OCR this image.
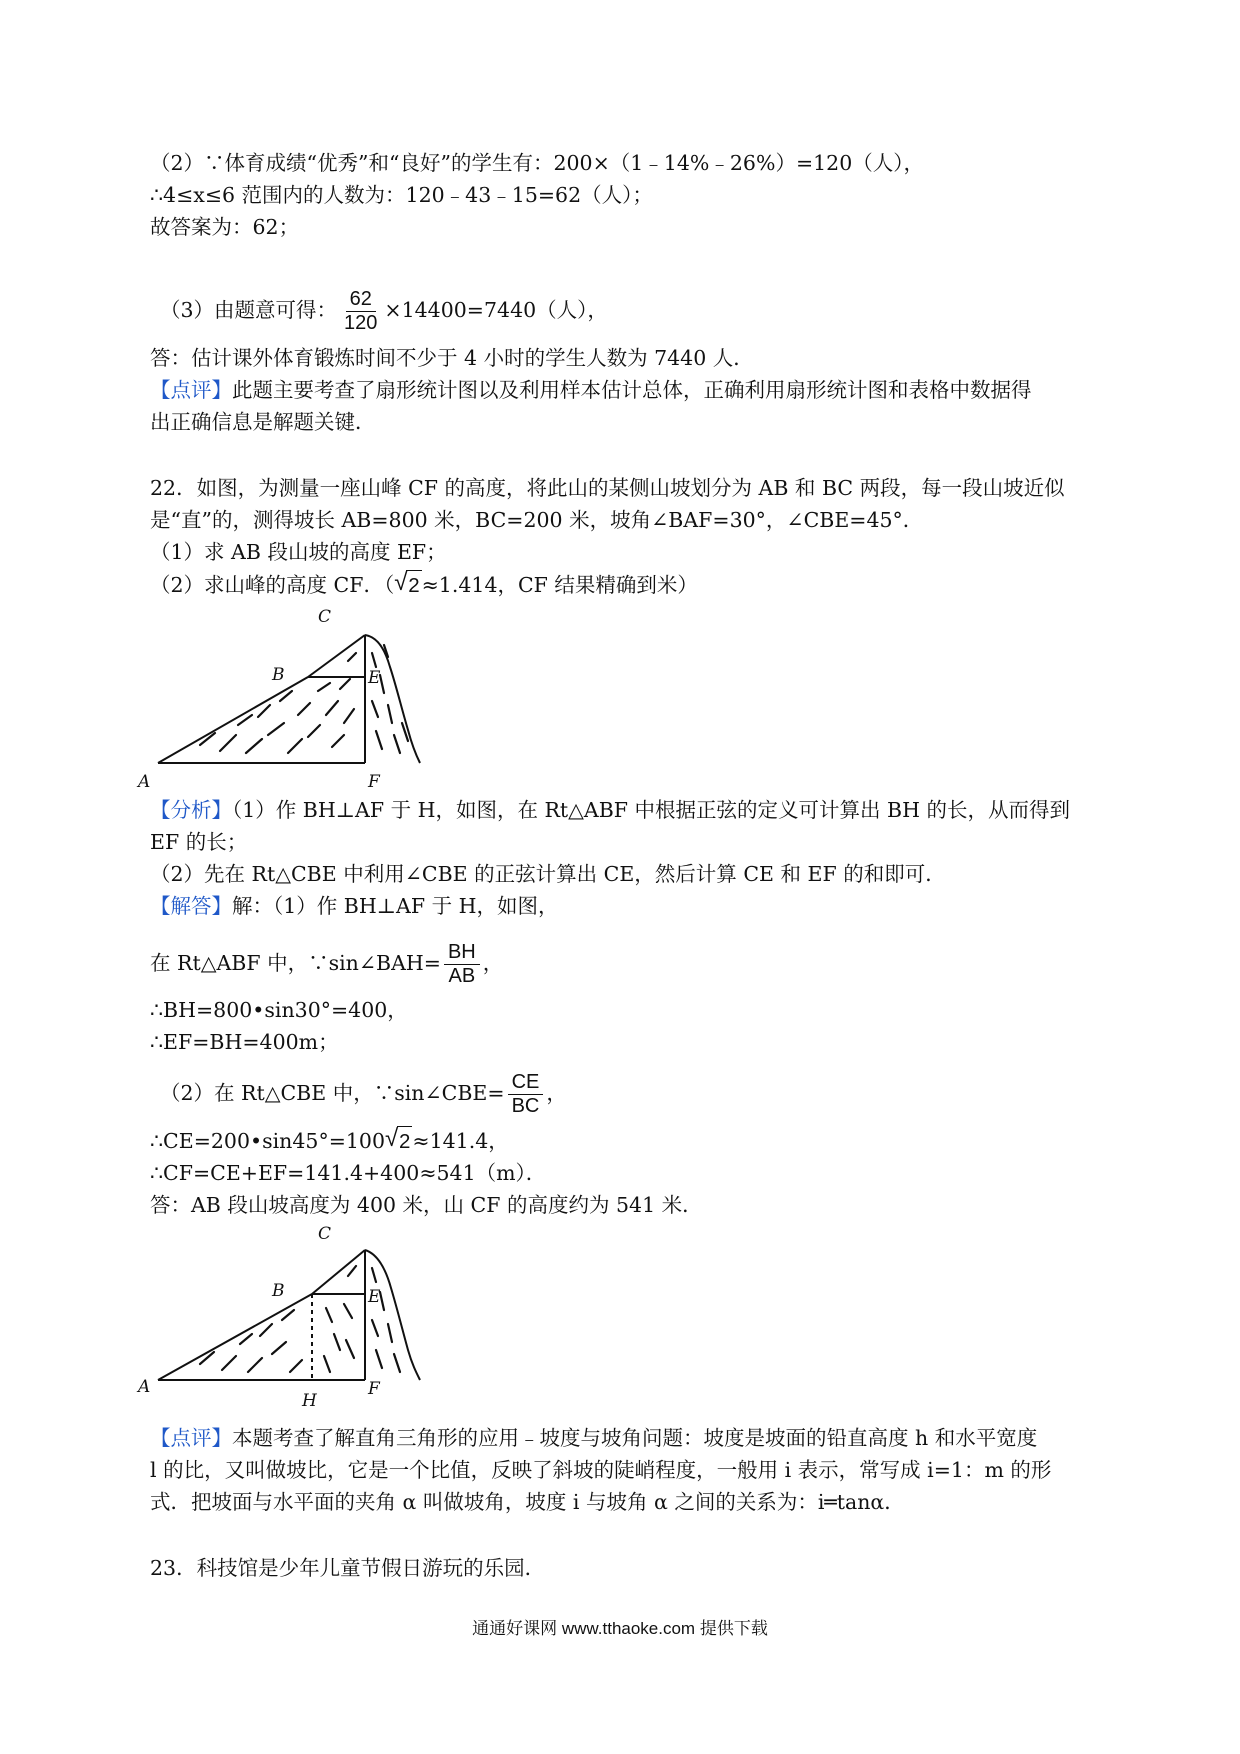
（2）∵体育成绩“优秀”和“良好”的学生有：200×（1﹣14%﹣26%）=120（人），
∴4≤x≤6 范围内的人数为：120﹣43﹣15=62（人）；
故答案为：62；
（3）由题意可得： $\frac{62}{120} \times 14400=7440$（人），
答：估计课外体育锻炼时间不少于 4 小时的学生人数为 7440 人．
【点评】此题主要考查了扇形统计图以及利用样本估计总体，正确利用扇形统计图和表格中数据得
出正确信息是解题关键．
22．如图，为测量一座山峰 CF 的高度，将此山的某侧山坡划分为 AB 和 BC 两段，每一段山坡近似
是“直”的，测得坡长 AB=800 米，BC=200 米，坡角∠BAF=30°，∠CBE=45°．
（1）求 AB 段山坡的高度 EF；
（2）求山峰的高度 CF．（ √ 2≈1.414，CF 结果精确到米）
A
B
C
E
F
【分析】（1）作 BH⊥AF 于 H，如图，在 Rt△ABF 中根据正弦的定义可计算出 BH 的长，从而得到
EF 的长；
（2）先在 Rt△CBE 中利用∠CBE 的正弦计算出 CE，然后计算 CE 和 EF 的和即可．
【解答】解：（1）作 BH⊥AF 于 H，如图，
在 Rt△ABF 中，∵sin∠BAH= $\frac{BH}{AB}$ ，
∴BH=800•sin30°=400，
∴EF=BH=400m；
（2）在 Rt△CBE 中，∵sin∠CBE= $\frac{CE}{BC}$ ，
∴CE=200•sin45°=100 √ 2≈141.4，
∴CF=CE+EF=141.4+400≈541（m）．
答：AB 段山坡高度为 400 米，山 CF 的高度约为 541 米．
A
B
C
E
F
H
【点评】本题考查了解直角三角形的应用﹣坡度与坡角问题：坡度是坡面的铅直高度 h 和水平宽度
l 的比，又叫做坡比，它是一个比值，反映了斜坡的陡峭程度，一般用 i 表示，常写成 i=1：m 的形
式．把坡面与水平面的夹角 α 叫做坡角，坡度 i 与坡角 α 之间的关系为：i═tanα．
23．科技馆是少年儿童节假日游玩的乐园．
通通好课网 www.tthaoke.com 提供下载
